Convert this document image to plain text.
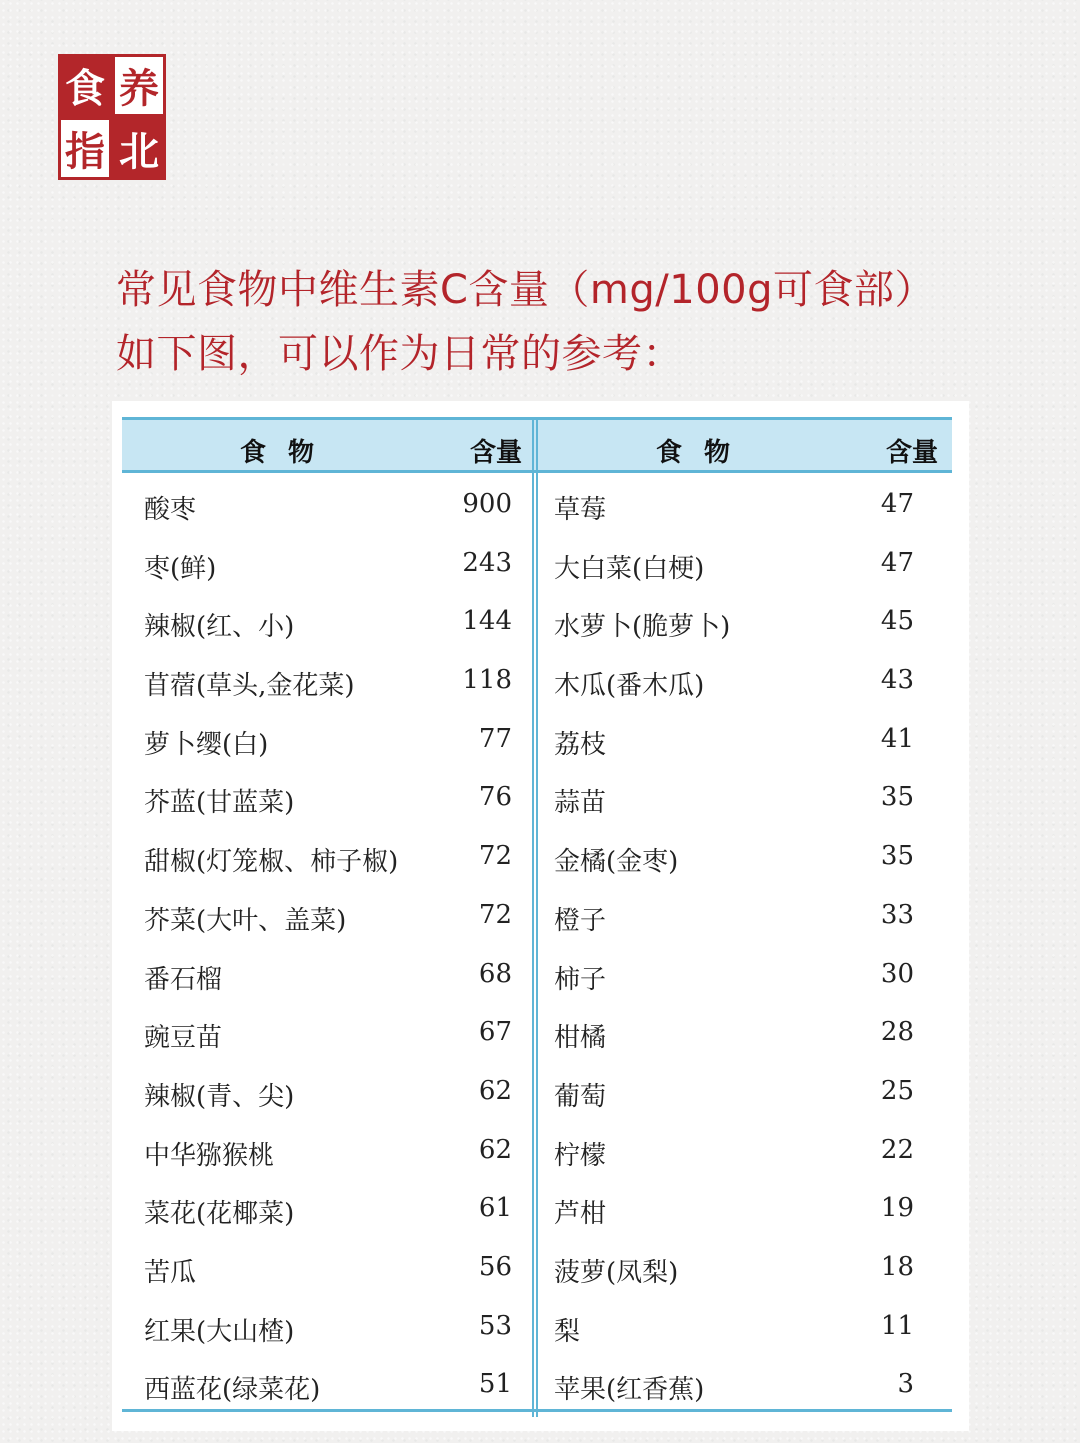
食 养
指 北
常见食物中维生素C含量（mg/100g可食部）
如下图，可以作为日常的参考：
食物	含量
酸枣	900
枣(鲜)	243
辣椒(红、小)	144
苜蓿(草头,金花菜)	118
萝卜缨(白)	77
芥蓝(甘蓝菜)	76
甜椒(灯笼椒、柿子椒)	72
芥菜(大叶、盖菜)	72
番石榴	68
豌豆苗	67
辣椒(青、尖)	62
中华猕猴桃	62
菜花(花椰菜)	61
苦瓜	56
红果(大山楂)	53
西蓝花(绿菜花)	51
食物	含量
草莓	47
大白菜(白梗)	47
水萝卜(脆萝卜)	45
木瓜(番木瓜)	43
荔枝	41
蒜苗	35
金橘(金枣)	35
橙子	33
柿子	30
柑橘	28
葡萄	25
柠檬	22
芦柑	19
菠萝(凤梨)	18
梨	11
苹果(红香蕉)	3
